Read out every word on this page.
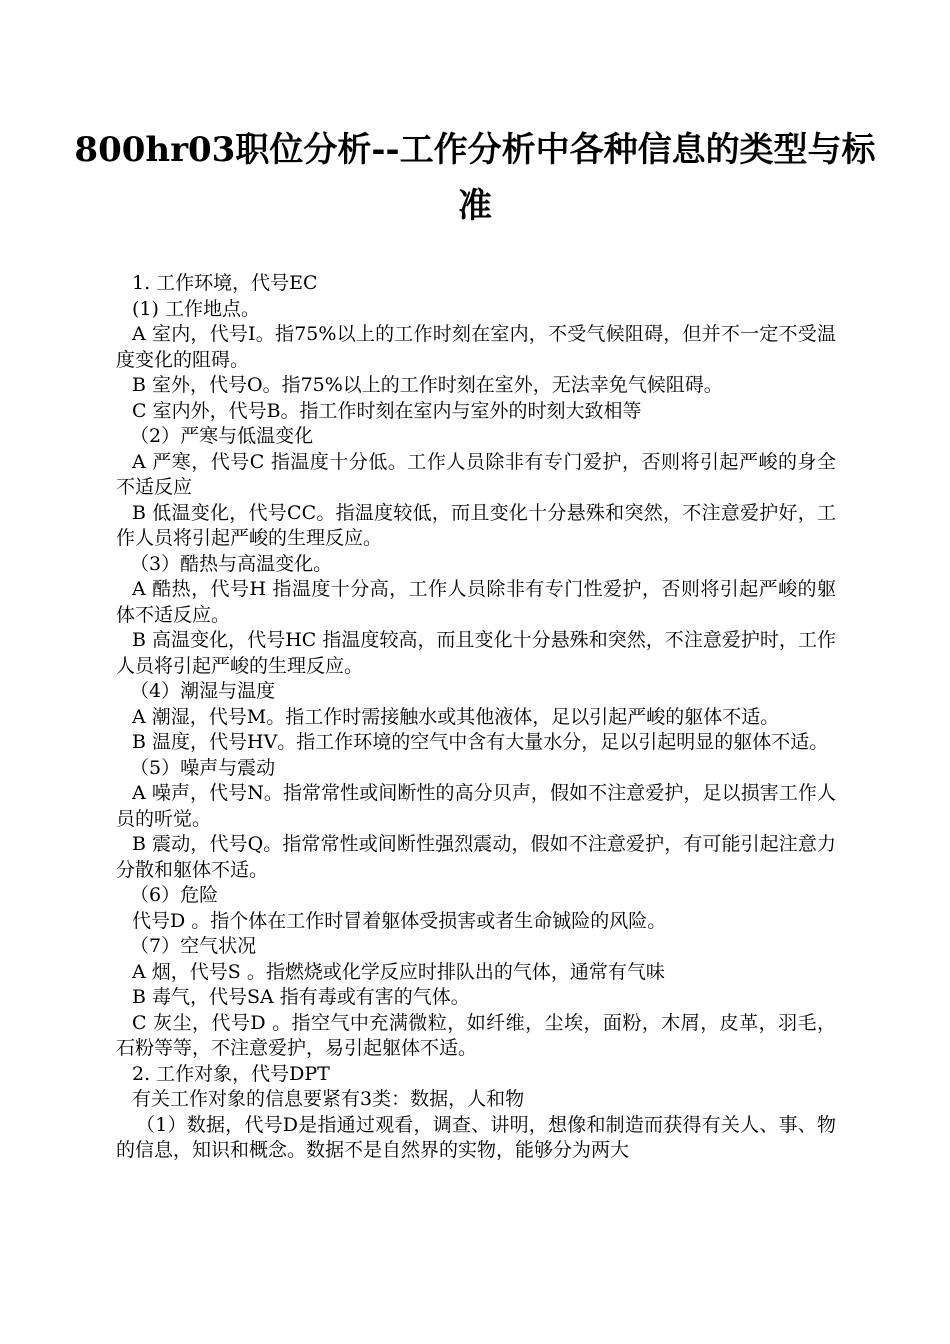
800hr03职位分析--工作分析中各种信息的类型与标准

1. 工作环境，代号EC

(1) 工作地点。

A 室内，代号I。指75%以上的工作时刻在室内，不受气候阻碍，但并不一定不受温度变化的阻碍。

B 室外，代号O。指75%以上的工作时刻在室外，无法幸免气候阻碍。

C 室内外，代号B。指工作时刻在室内与室外的时刻大致相等

（2）严寒与低温变化

A 严寒，代号C 指温度十分低。工作人员除非有专门爱护，否则将引起严峻的身全不适反应

B 低温变化，代号CC。指温度较低，而且变化十分悬殊和突然，不注意爱护好，工作人员将引起严峻的生理反应。

（3）酷热与高温变化。

A 酷热，代号H 指温度十分高，工作人员除非有专门性爱护，否则将引起严峻的躯体不适反应。

B 高温变化，代号HC 指温度较高，而且变化十分悬殊和突然，不注意爱护时，工作人员将引起严峻的生理反应。

（4）潮湿与温度

A 潮湿，代号M。指工作时需接触水或其他液体，足以引起严峻的躯体不适。

B 温度，代号HV。指工作环境的空气中含有大量水分，足以引起明显的躯体不适。

（5）噪声与震动

A 噪声，代号N。指常常性或间断性的高分贝声，假如不注意爱护，足以损害工作人员的听觉。

B 震动，代号Q。指常常性或间断性强烈震动，假如不注意爱护，有可能引起注意力分散和躯体不适。

（6）危险

代号D 。指个体在工作时冒着躯体受损害或者生命铖险的风险。

（7）空气状况

A 烟，代号S 。指燃烧或化学反应时排队出的气体，通常有气味

B 毒气，代号SA 指有毒或有害的气体。

C 灰尘，代号D 。指空气中充满微粒，如纤维，尘埃，面粉，木屑，皮革，羽毛，石粉等等，不注意爱护，易引起躯体不适。

2. 工作对象，代号DPT

有关工作对象的信息要紧有3类：数据，人和物

（1）数据，代号D是指通过观看，调查、讲明，想像和制造而获得有关人、事、物的信息，知识和概念。数据不是自然界的实物，能够分为两大
